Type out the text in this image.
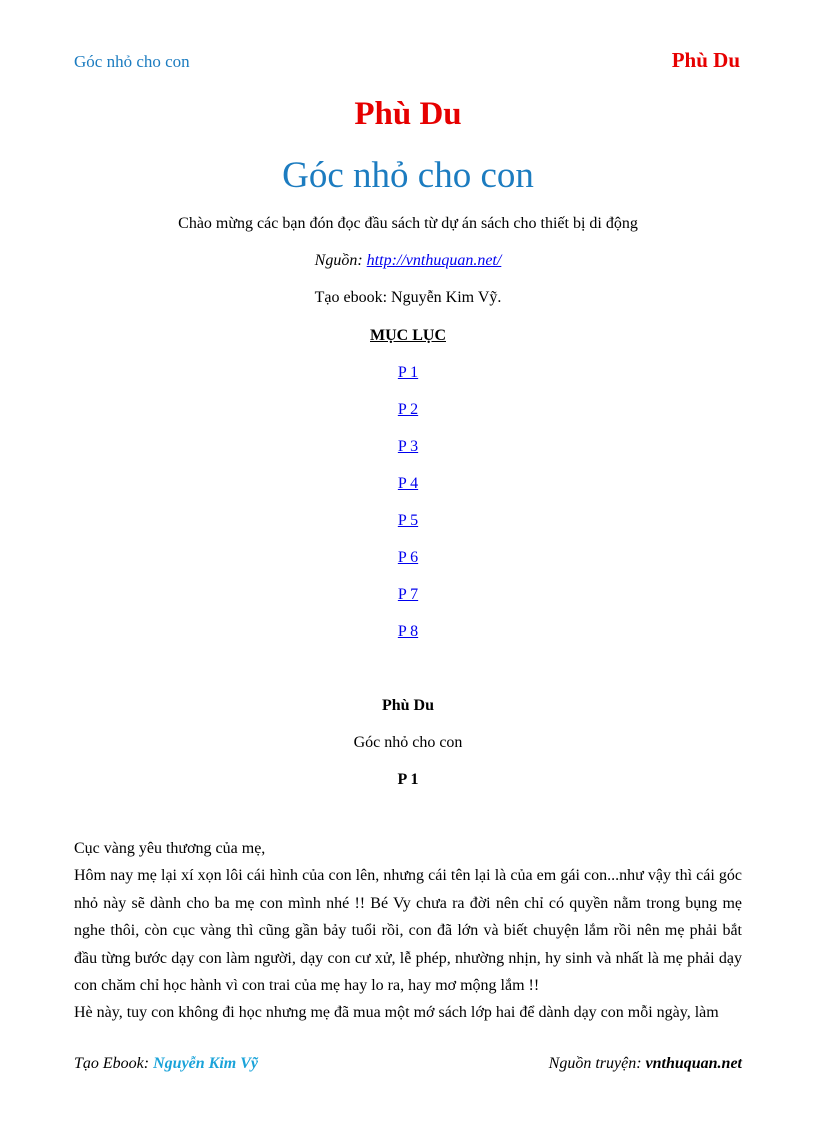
Góc nhỏ cho con	Phù Du
Phù Du
Góc nhỏ cho con
Chào mừng các bạn đón đọc đầu sách từ dự án sách cho thiết bị di động
Nguồn: http://vnthuquan.net/
Tạo ebook: Nguyễn Kim Vỹ.
MỤC LỤC
P 1
P 2
P 3
P 4
P 5
P 6
P 7
P 8
Phù Du
Góc nhỏ cho con
P 1

Cục vàng yêu thương của mẹ,

Hôm nay mẹ lại xí xọn lôi cái hình của con lên, nhưng cái tên lại là của em gái con...như vậy thì cái góc nhỏ này sẽ dành cho ba mẹ con mình nhé !! Bé Vy chưa ra đời nên chỉ có quyền nằm trong bụng mẹ nghe thôi, còn cục vàng thì cũng gần bảy tuổi rồi, con đã lớn và biết chuyện lắm rồi nên mẹ phải bắt đầu từng bước dạy con làm người, dạy con cư xử, lễ phép, nhường nhịn, hy sinh và nhất là mẹ phải dạy con chăm chỉ học hành vì con trai của mẹ hay lo ra, hay mơ mộng lắm !!

Hè này, tuy con không đi học nhưng mẹ đã mua một mớ sách lớp hai để dành dạy con mỗi ngày, làm

Tạo Ebook: Nguyễn Kim Vỹ	Nguồn truyện: vnthuquan.net
